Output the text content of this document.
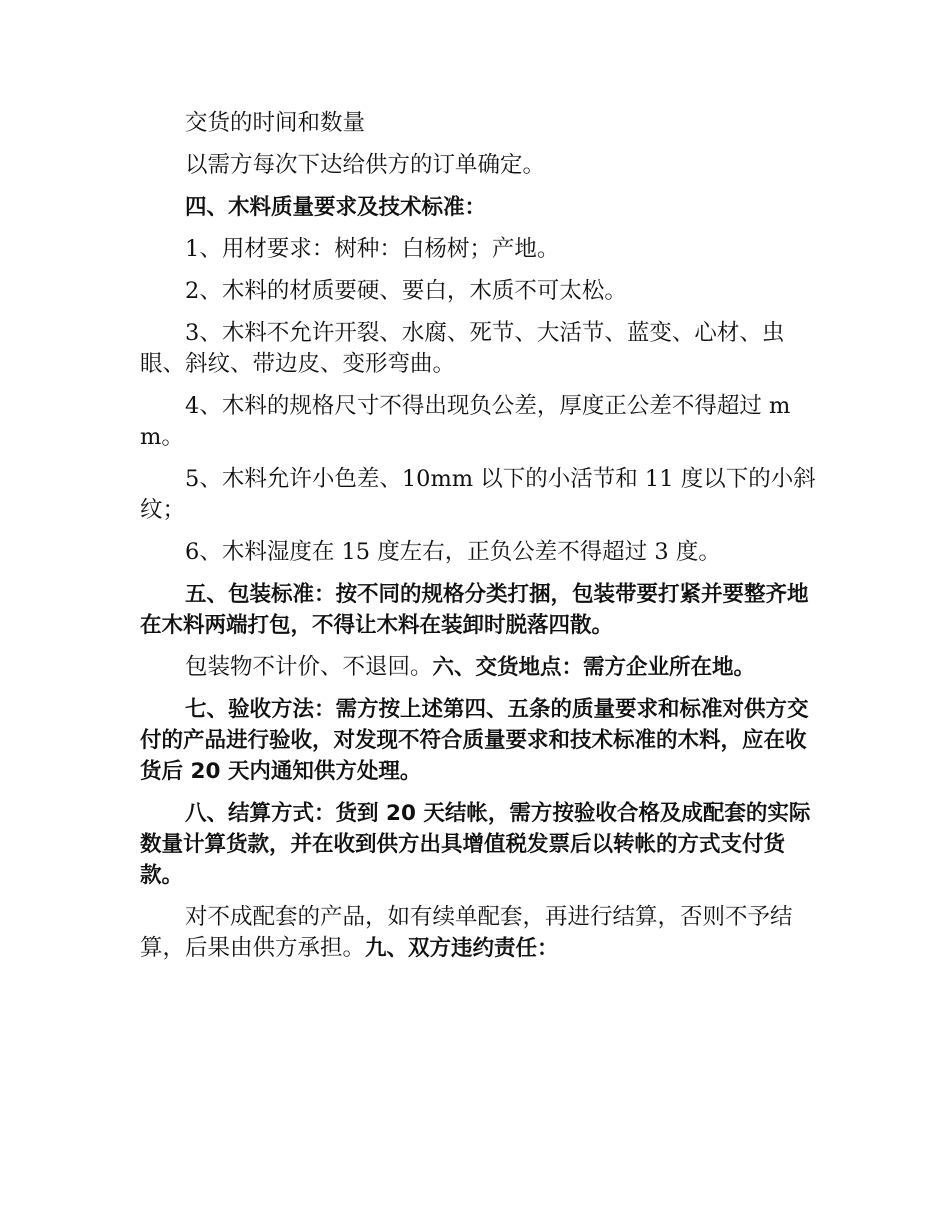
交货的时间和数量

以需方每次下达给供方的订单确定。

四、木料质量要求及技术标准：

1、用材要求：树种：白杨树；产地。

2、木料的材质要硬、要白，木质不可太松。

3、木料不允许开裂、水腐、死节、大活节、蓝变、心材、虫眼、斜纹、带边皮、变形弯曲。

4、木料的规格尺寸不得出现负公差，厚度正公差不得超过 mm。

5、木料允许小色差、10mm 以下的小活节和 11 度以下的小斜纹；

6、木料湿度在 15 度左右，正负公差不得超过 3 度。

五、包装标准：按不同的规格分类打捆，包装带要打紧并要整齐地在木料两端打包，不得让木料在装卸时脱落四散。

包装物不计价、不退回。六、交货地点：需方企业所在地。

七、验收方法：需方按上述第四、五条的质量要求和标准对供方交付的产品进行验收，对发现不符合质量要求和技术标准的木料，应在收货后 20 天内通知供方处理。

八、结算方式：货到 20 天结帐，需方按验收合格及成配套的实际数量计算货款，并在收到供方出具增值税发票后以转帐的方式支付货款。

对不成配套的产品，如有续单配套，再进行结算，否则不予结算，后果由供方承担。九、双方违约责任：
